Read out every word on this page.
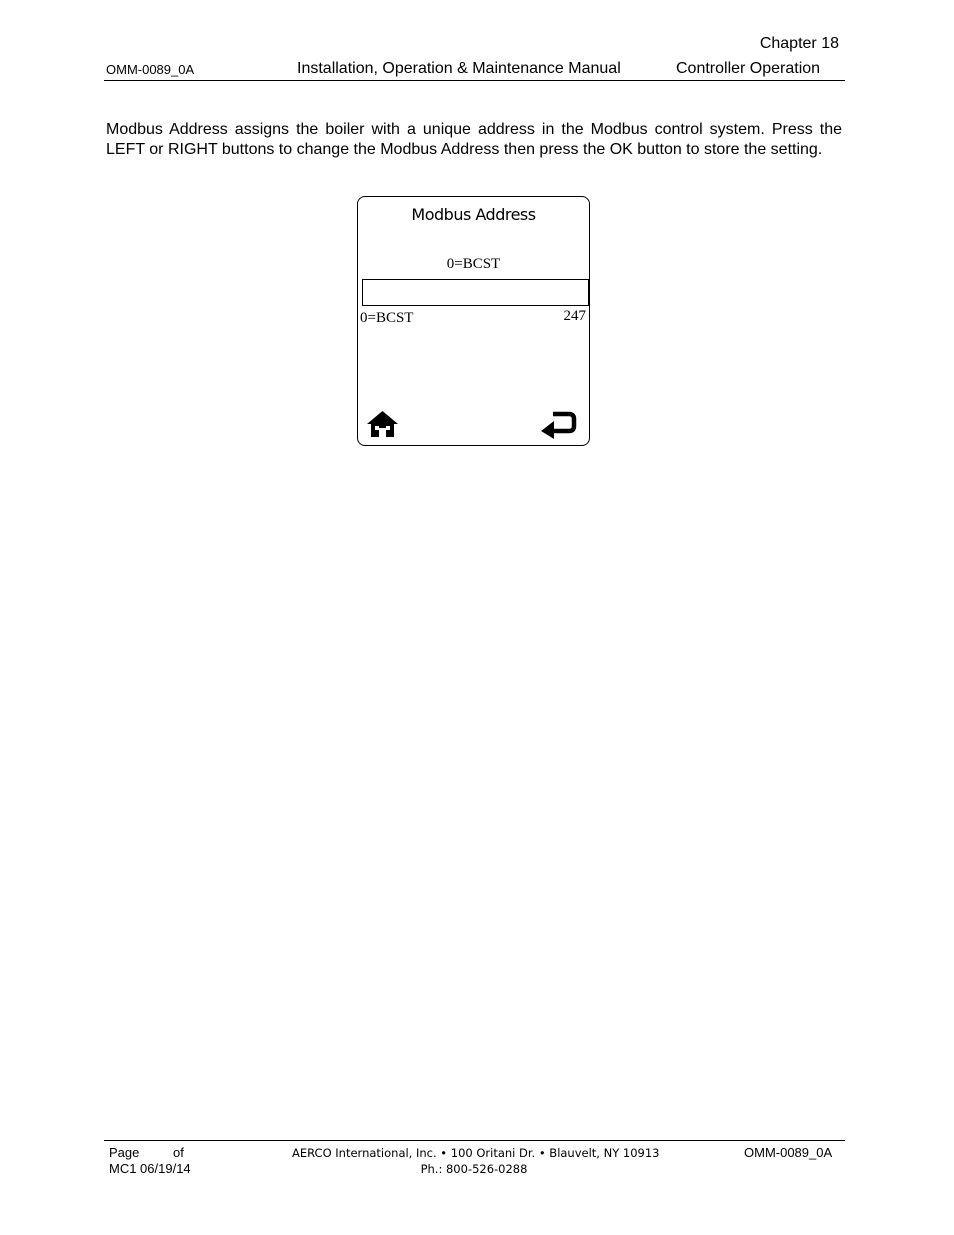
Chapter 18
OMM-0089_0A	Installation, Operation & Maintenance Manual	Controller Operation
Modbus Address assigns the boiler with a unique address in the Modbus control system. Press the LEFT or RIGHT buttons to change the Modbus Address then press the OK button to store the setting.
Modbus Address
0=BCST
0=BCST	247
Page	of
MC1 06/19/14
AERCO International, Inc. • 100 Oritani Dr. • Blauvelt, NY 10913
Ph.: 800-526-0288
OMM-0089_0A
